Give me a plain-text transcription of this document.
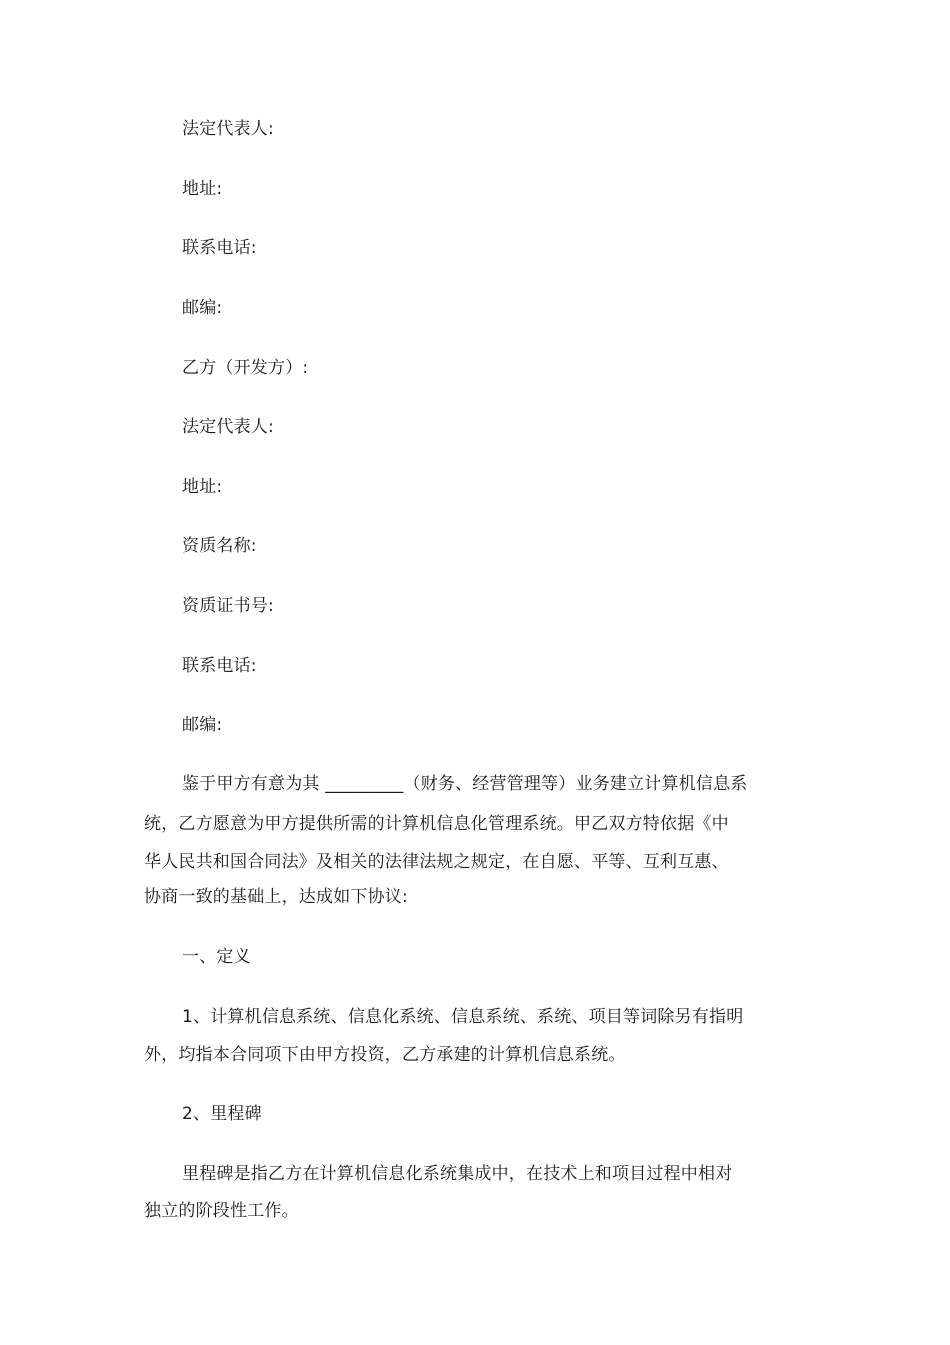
法定代表人:
地址:
联系电话:
邮编:
乙方（开发方）:
法定代表人:
地址:
资质名称:
资质证书号:
联系电话:
邮编:
鉴于甲方有意为其 _________（财务、经营管理等）业务建立计算机信息系
统，乙方愿意为甲方提供所需的计算机信息化管理系统。甲乙双方特依据《中
华人民共和国合同法》及相关的法律法规之规定，在自愿、平等、互利互惠、
协商一致的基础上，达成如下协议:
一、定义
1、计算机信息系统、信息化系统、信息系统、系统、项目等词除另有指明
外，均指本合同项下由甲方投资，乙方承建的计算机信息系统。
2、里程碑
里程碑是指乙方在计算机信息化系统集成中，在技术上和项目过程中相对
独立的阶段性工作。
